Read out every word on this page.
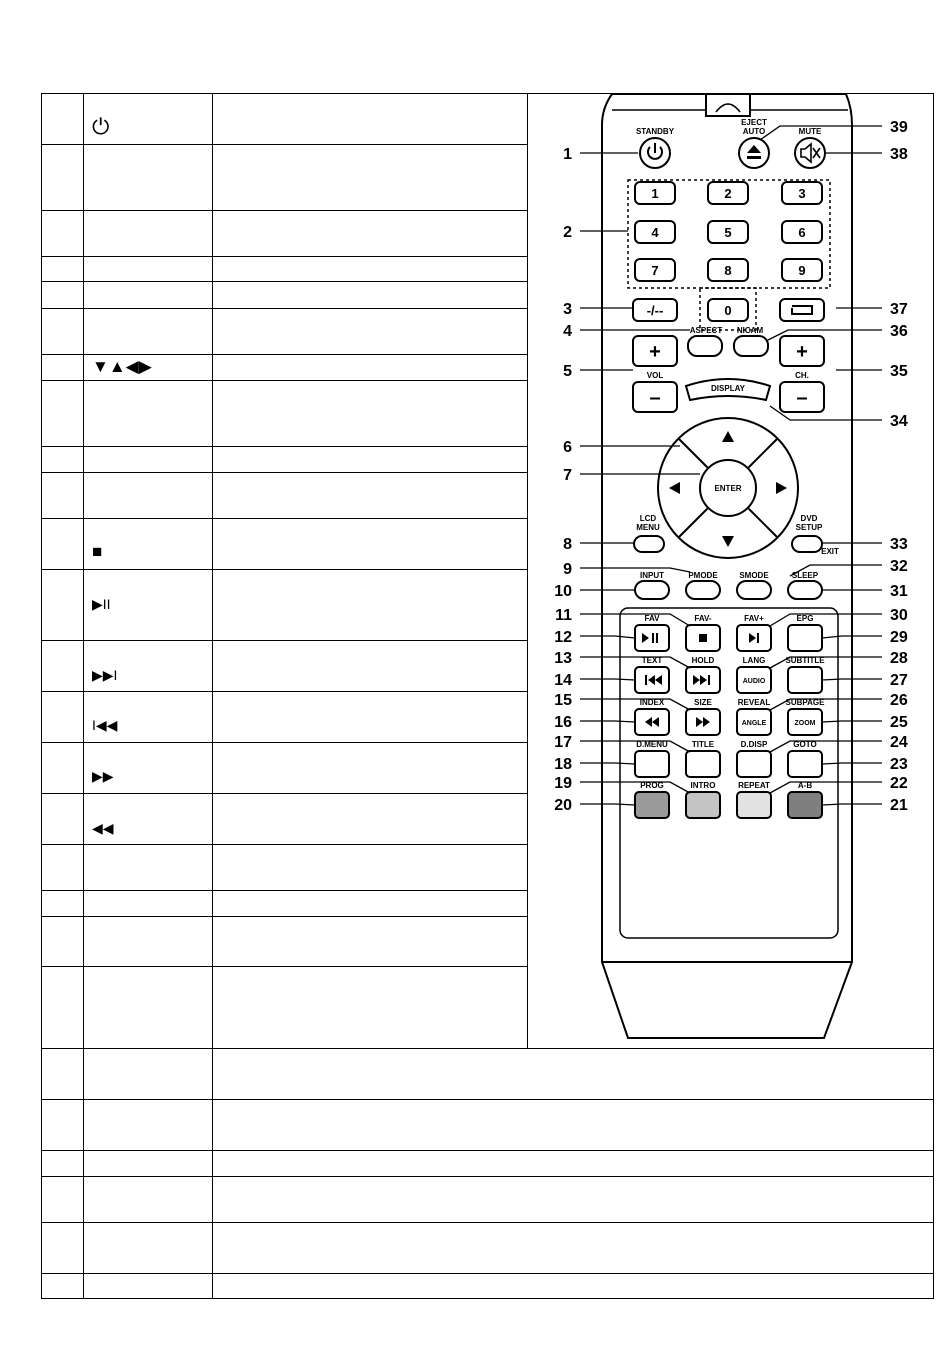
⏻
▼▲◀▶
■
▶II
▶▶I
I◀◀
▶▶
◀◀
STANDBY
EJECT
AUTO	MUTE
1	2	3
4	5	6
7	8	9
0
-/--
ASPECT NICAM
+
VOL
–
+
CH.
–
DISPLAY
ENTER
LCD
MENU
DVD
SETUP
EXIT
INPUT	PMODE	SMODE	SLEEP
FAV	FAV-	FAV+	EPG
TEXT	HOLD	LANG
AUDIO
SUBTITLE
INDEX	SIZE	REVEAL
ANGLE
SUBPAGE
ZOOM
D.MENU	TITLE	D.DISP	GOTO
PROG	INTRO	REPEAT	A-B
1
2
3
4
5
6
7
8
9
10
11
12
13
14
15
16
17
18
19
20
39
38
37
36
35
34
33
32
31
30
29
28
27
26
25
24
23
22
21
